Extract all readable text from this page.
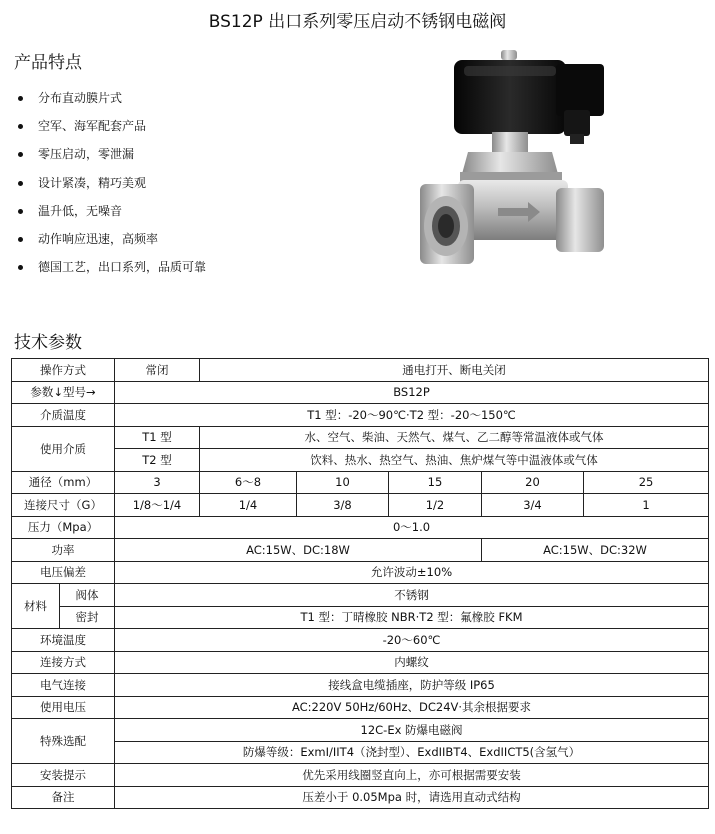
BS12P 出口系列零压启动不锈钢电磁阀
产品特点
分布直动膜片式
空军、海军配套产品
零压启动，零泄漏
设计紧凑，精巧美观
温升低，无噪音
动作响应迅速，高频率
德国工艺，出口系列，品质可靠
技术参数
操作方式		常闭	通电打开、断电关闭				
参数↓型号→		BS12P					
介质温度		T1 型：-20～90℃·T2 型：-20～150℃					
使用介质		T1 型	水、空气、柴油、天然气、煤气、乙二醇等常温液体或气体				
		T2 型	饮料、热水、热空气、热油、焦炉煤气等中温液体或气体				
通径（mm）		3	6～8	10	15	20	25
连接尺寸（G）		1/8～1/4	1/4	3/8	1/2	3/4	1
压力（Mpa）		0～1.0					
功率		AC:15W、DC:18W				AC:15W、DC:32W	
电压偏差		允许波动±10%					
材料	阀体	不锈钢					
	密封	T1 型：丁晴橡胶 NBR·T2 型：氟橡胶 FKM					
环境温度		-20～60℃					
连接方式		内螺纹					
电气连接		接线盒电缆插座，防护等级 IP65					
使用电压		AC:220V 50Hz/60Hz、DC24V·其余根据要求					
特殊选配		12C-Ex 防爆电磁阀					
		防爆等级：ExmI/IIT4（浇封型）、ExdIIBT4、ExdIICT5(含氢气）					
安装提示		优先采用线圈竖直向上，亦可根据需要安装					
备注		压差小于 0.05Mpa 时，请选用直动式结构					
